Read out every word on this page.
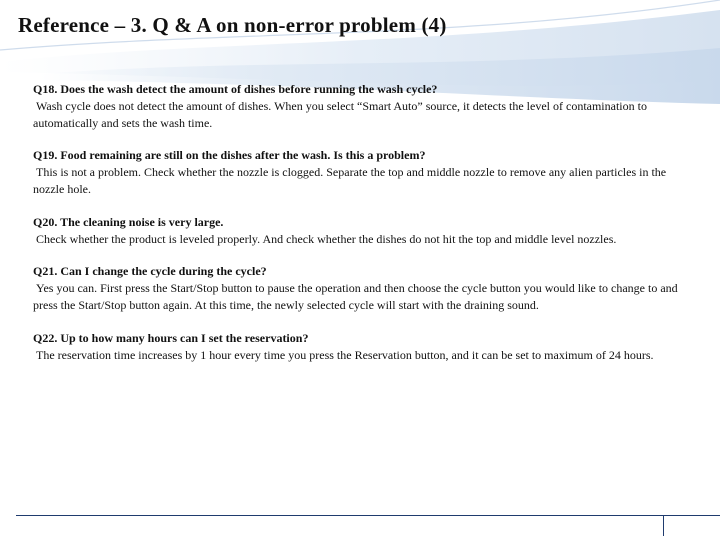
Reference – 3. Q & A on non-error problem (4)
Q18. Does the wash detect the amount of dishes before running the wash cycle?
Wash cycle does not detect the amount of dishes. When you select “Smart Auto” source, it detects the level of contamination to automatically and sets the wash time.
Q19. Food remaining are still on the dishes after the wash. Is this a problem?
This is not a problem. Check whether the nozzle is clogged. Separate the top and middle nozzle to remove any alien particles in the nozzle hole.
Q20. The cleaning noise is very large.
Check whether the product is leveled properly. And check whether the dishes do not hit the top and middle level nozzles.
Q21. Can I change the cycle during the cycle?
Yes you can. First press the Start/Stop button to pause the operation and then choose the cycle button you would like to change to and press the Start/Stop button again. At this time, the newly selected cycle will start with the draining sound.
Q22. Up to how many hours can I set the reservation?
The reservation time increases by 1 hour every time you press the Reservation button, and it can be set to maximum of 24 hours.
